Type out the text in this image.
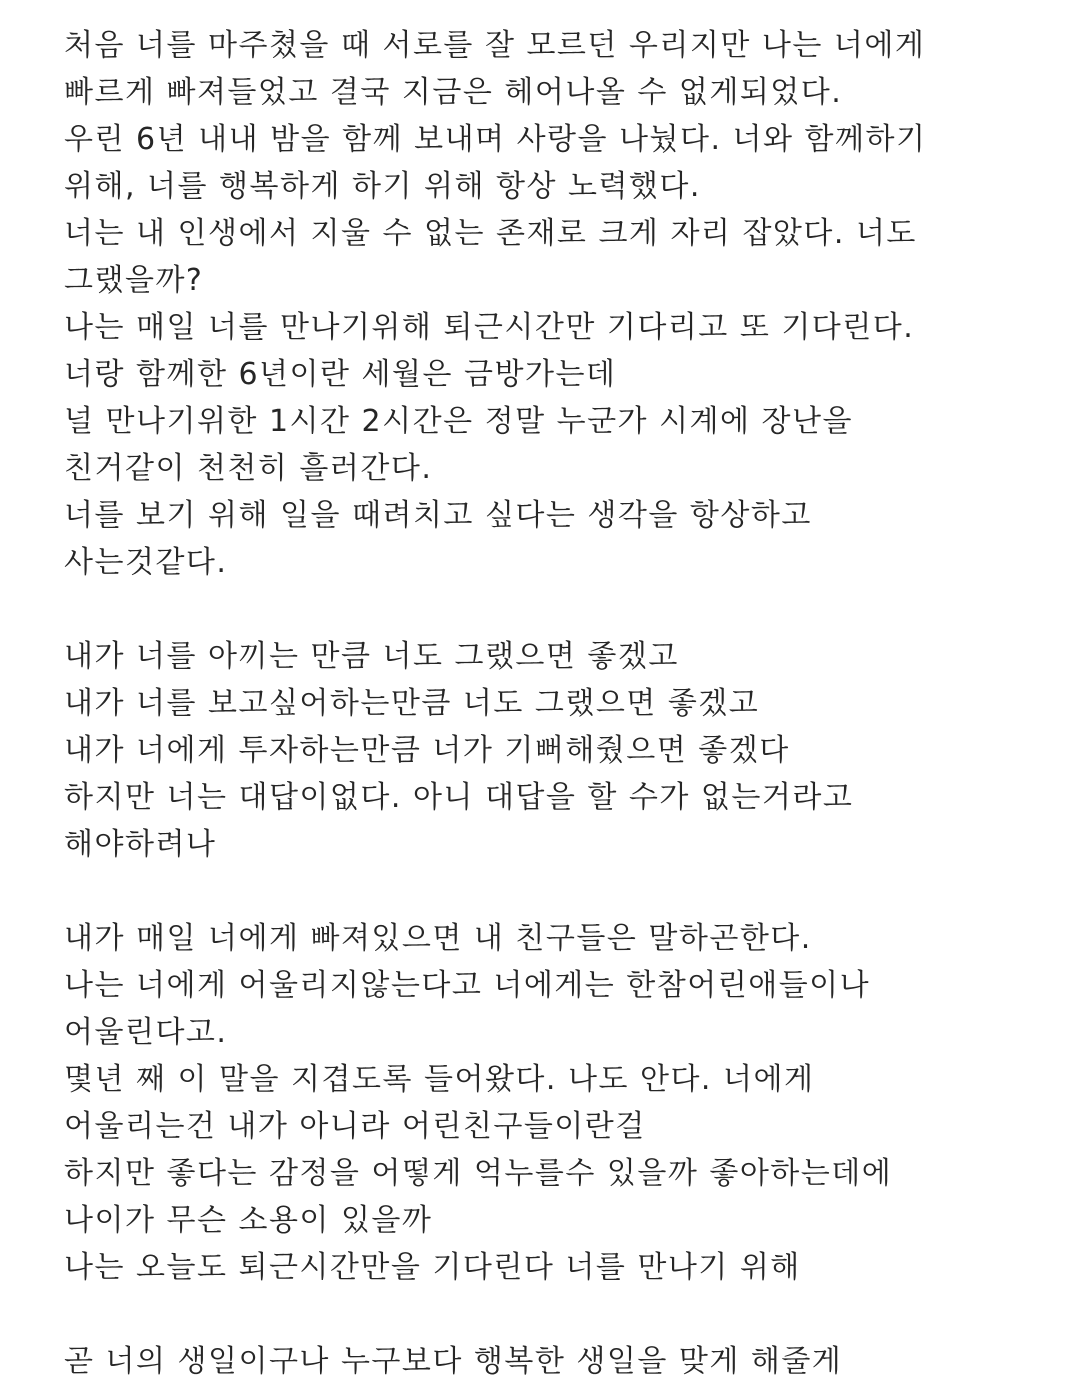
처음 너를 마주쳤을 때 서로를 잘 모르던 우리지만 나는 너에게
빠르게 빠져들었고 결국 지금은 헤어나올 수 없게되었다.
우린 6년 내내 밤을 함께 보내며 사랑을 나눴다. 너와 함께하기
위해, 너를 행복하게 하기 위해 항상 노력했다.
너는 내 인생에서 지울 수 없는 존재로 크게 자리 잡았다. 너도
그랬을까?
나는 매일 너를 만나기위해 퇴근시간만 기다리고 또 기다린다.
너랑 함께한 6년이란 세월은 금방가는데
널 만나기위한 1시간 2시간은 정말 누군가 시계에 장난을
친거같이 천천히 흘러간다.
너를 보기 위해 일을 때려치고 싶다는 생각을 항상하고
사는것같다.
내가 너를 아끼는 만큼 너도 그랬으면 좋겠고
내가 너를 보고싶어하는만큼 너도 그랬으면 좋겠고
내가 너에게 투자하는만큼 너가 기뻐해줬으면 좋겠다
하지만 너는 대답이없다. 아니 대답을 할 수가 없는거라고
해야하려나
내가 매일 너에게 빠져있으면 내 친구들은 말하곤한다.
나는 너에게 어울리지않는다고 너에게는 한참어린애들이나
어울린다고.
몇년 째 이 말을 지겹도록 들어왔다. 나도 안다. 너에게
어울리는건 내가 아니라 어린친구들이란걸
하지만 좋다는 감정을 어떻게 억누를수 있을까 좋아하는데에
나이가 무슨 소용이 있을까
나는 오늘도 퇴근시간만을 기다린다 너를 만나기 위해
곧 너의 생일이구나 누구보다 행복한 생일을 맞게 해줄게
